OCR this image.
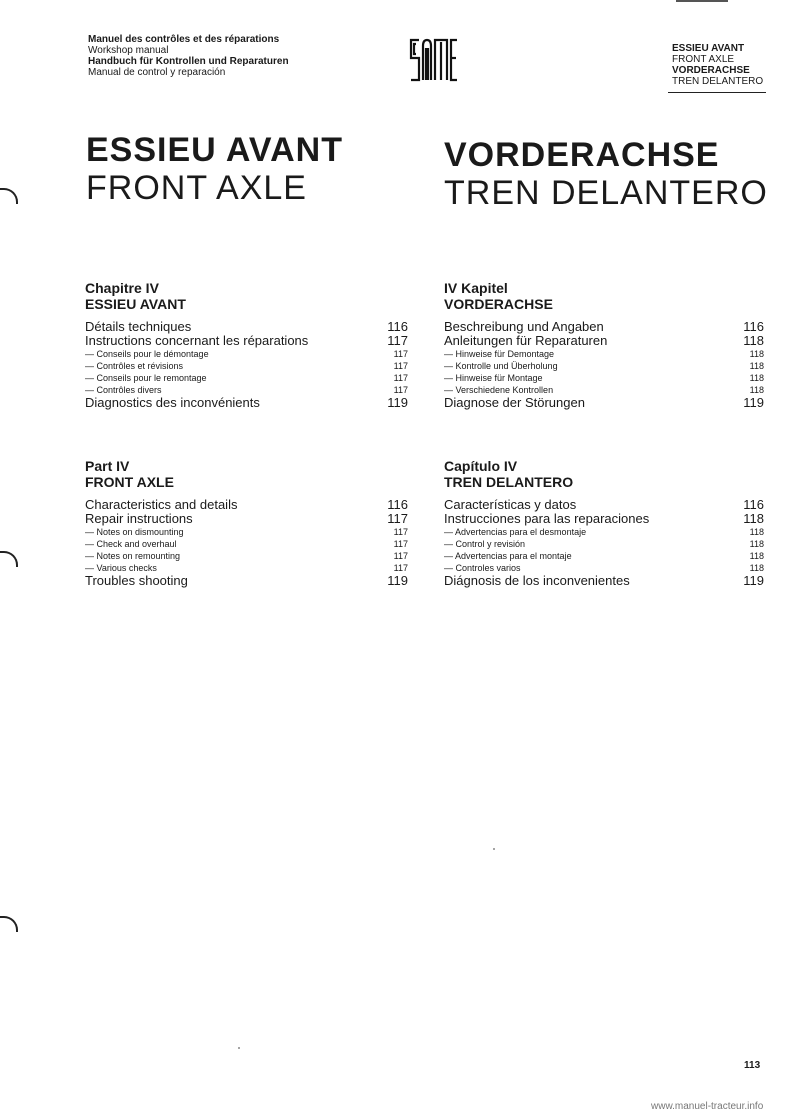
Manuel des contrôles et des réparations
Workshop manual
Handbuch für Kontrollen und Reparaturen
Manual de control y reparación
ESSIEU AVANT
FRONT AXLE
VORDERACHSE
TREN DELANTERO
ESSIEU AVANT
FRONT AXLE
VORDERACHSE
TREN DELANTERO
Chapitre IV
ESSIEU AVANT
Détails techniques	116
Instructions concernant les réparations	117
— Conseils pour le démontage	117
— Contrôles et révisions	117
— Conseils pour le remontage	117
— Contrôles divers	117
Diagnostics des inconvénients	119
IV Kapitel
VORDERACHSE
Beschreibung und Angaben	116
Anleitungen für Reparaturen	118
— Hinweise für Demontage	118
— Kontrolle und Überholung	118
— Hinweise für Montage	118
— Verschiedene Kontrollen	118
Diagnose der Störungen	119
Part IV
FRONT AXLE
Characteristics and details	116
Repair instructions	117
— Notes on dismounting	117
— Check and overhaul	117
— Notes on remounting	117
— Various checks	117
Troubles shooting	119
Capítulo IV
TREN DELANTERO
Características y datos	116
Instrucciones para las reparaciones	118
— Advertencias para el desmontaje	118
— Control y revisión	118
— Advertencias para el montaje	118
— Controles varios	118
Diágnosis de los inconvenientes	119
113
www.manuel-tracteur.info
